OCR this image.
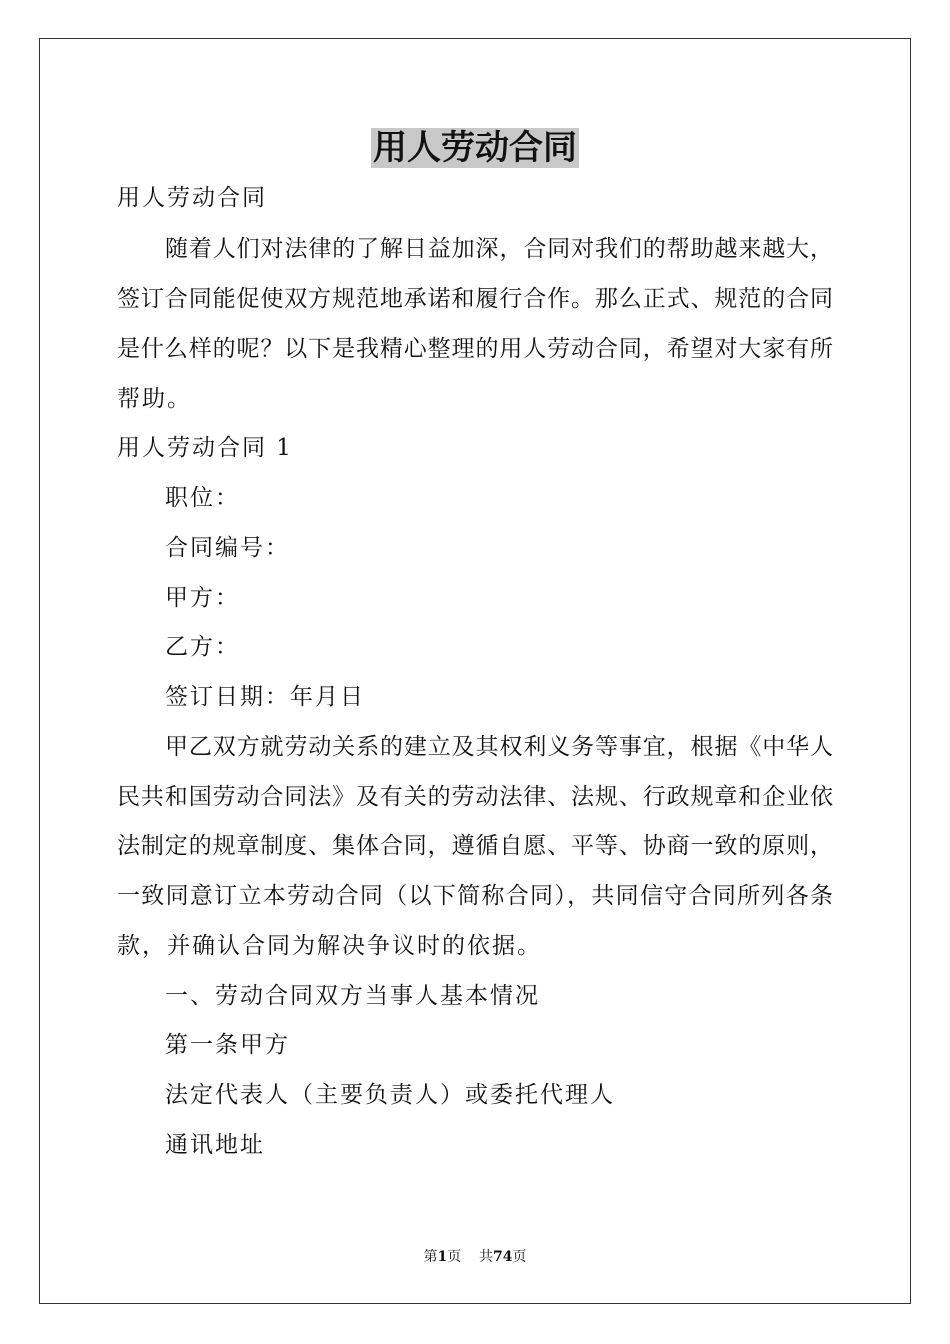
用人劳动合同

用人劳动合同

随着人们对法律的了解日益加深，合同对我们的帮助越来越大，

签订合同能促使双方规范地承诺和履行合作。那么正式、规范的合同

是什么样的呢？以下是我精心整理的用人劳动合同，希望对大家有所

帮助。

用人劳动合同 1

职位：

合同编号：

甲方：

乙方：

签订日期：年月日

甲乙双方就劳动关系的建立及其权利义务等事宜，根据《中华人

民共和国劳动合同法》及有关的劳动法律、法规、行政规章和企业依

法制定的规章制度、集体合同，遵循自愿、平等、协商一致的原则，

一致同意订立本劳动合同（以下简称合同），共同信守合同所列各条

款，并确认合同为解决争议时的依据。

一、劳动合同双方当事人基本情况

第一条甲方

法定代表人（主要负责人）或委托代理人

通讯地址

第1页 共74页
